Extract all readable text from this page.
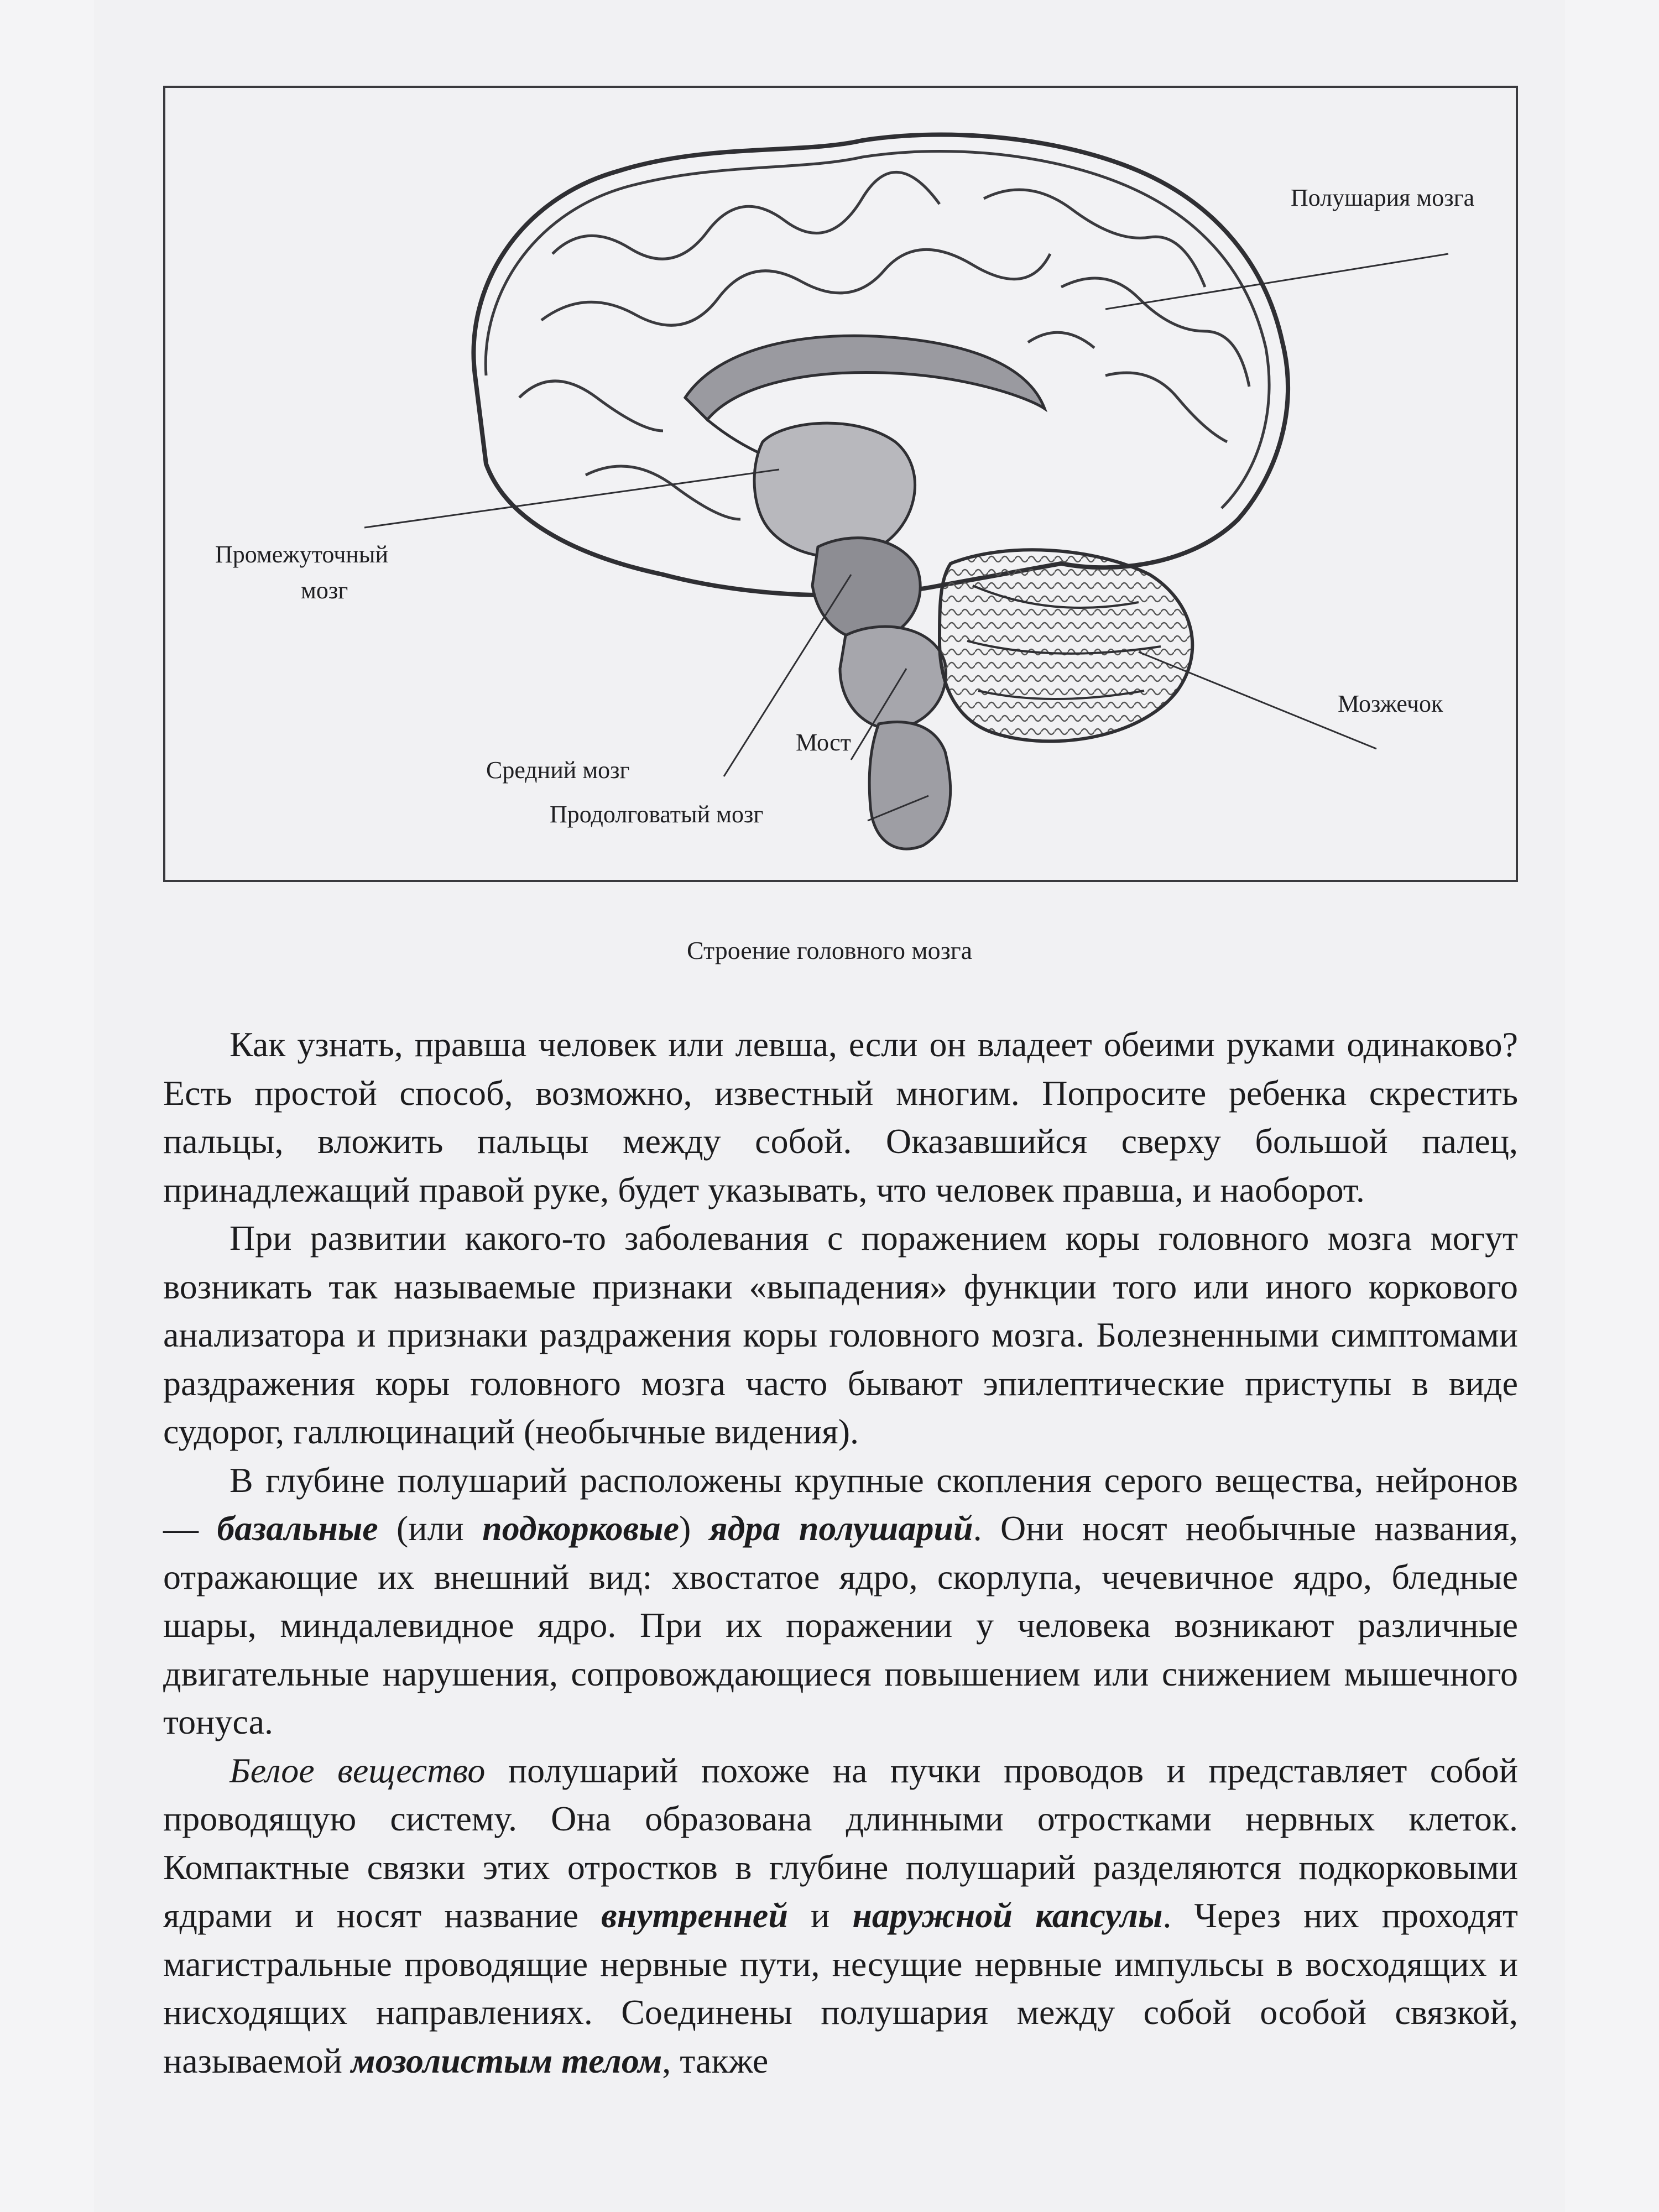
Полушария мозга
Промежуточный
мозг
Мозжечок
Мост
Средний мозг
Продолговатый мозг
Строение головного мозга

Как узнать, правша человек или левша, если он владеет обеими руками одинаково? Есть простой способ, возможно, известный многим. Попросите ребенка скрестить пальцы, вложить пальцы между собой. Оказавшийся сверху большой палец, принадлежащий правой руке, будет указывать, что человек правша, и наоборот.

При развитии какого-то заболевания с поражением коры головного мозга могут возникать так называемые признаки «выпадения» функции того или иного коркового анализатора и признаки раздражения коры головного мозга. Болезненными симптомами раздражения коры головного мозга часто бывают эпилептические приступы в виде судорог, галлюцинаций (необычные видения).

В глубине полушарий расположены крупные скопления серого вещества, нейронов — базальные (или подкорковые) ядра полушарий. Они носят необычные названия, отражающие их внешний вид: хвостатое ядро, скорлупа, чечевичное ядро, бледные шары, миндалевидное ядро. При их поражении у человека возникают различные двигательные нарушения, сопровождающиеся повышением или снижением мышечного тонуса.

Белое вещество полушарий похоже на пучки проводов и представляет собой проводящую систему. Она образована длинными отростками нервных клеток. Компактные связки этих отростков в глубине полушарий разделяются подкорковыми ядрами и носят название внутренней и наружной капсулы. Через них проходят магистральные проводящие нервные пути, несущие нервные импульсы в восходящих и нисходящих направлениях. Соединены полушария между собой особой связкой, называемой мозолистым телом, также
